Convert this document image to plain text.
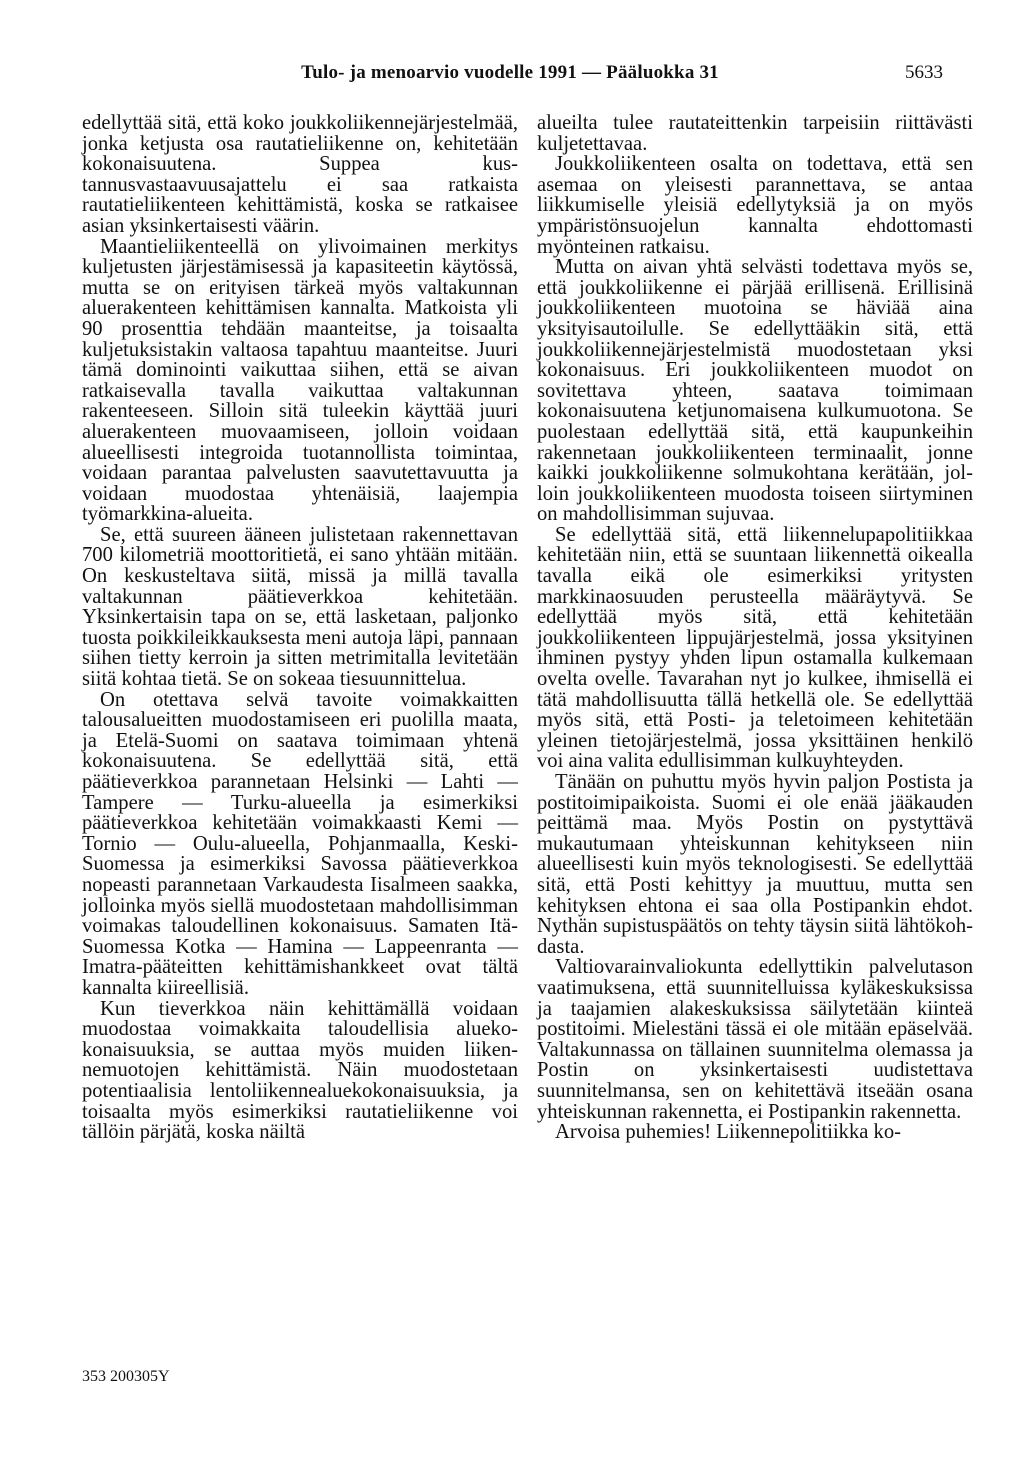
Tulo- ja menoarvio vuodelle 1991 — Pääluokka 31	5633

edellyttää sitä, että koko joukkoliikennejärjestelmää, jonka ketjusta osa rautatieliikenne on, kehitetään kokonaisuutena. Suppea kustannusvastaavuusajattelu ei saa ratkaista rautatieliikenteen kehittämistä, koska se ratkaisee asian yksinkertaisesti väärin.

Maantieliikenteellä on ylivoimainen merkitys kuljetusten järjestämisessä ja kapasiteetin käytössä, mutta se on erityisen tärkeä myös valtakunnan aluerakenteen kehittämisen kannalta. Matkoista yli 90 prosenttia tehdään maanteitse, ja toisaalta kuljetuksistakin valtaosa tapahtuu maanteitse. Juuri tämä dominointi vaikuttaa siihen, että se aivan ratkaisevalla tavalla vaikuttaa valtakunnan rakenteeseen. Silloin sitä tuleekin käyttää juuri aluerakenteen muovaamiseen, jolloin voidaan alueellisesti integroida tuotannollista toimintaa, voidaan parantaa palvelusten saavutettavuutta ja voidaan muodostaa yhtenäisiä, laajempia työmarkkina-alueita.

Se, että suureen ääneen julistetaan rakennettavan 700 kilometriä moottoritietä, ei sano yhtään mitään. On keskusteltava siitä, missä ja millä tavalla valtakunnan päätieverkkoa kehitetään. Yksinkertaisin tapa on se, että lasketaan, paljonko tuosta poikkileikkauksesta meni autoja läpi, pannaan siihen tietty kerroin ja sitten metrimitalla levitetään siitä kohtaa tietä. Se on sokeaa tiesuunnittelua.

On otettava selvä tavoite voimakkaitten talousalueitten muodostamiseen eri puolilla maata, ja Etelä-Suomi on saatava toimimaan yhtenä kokonaisuutena. Se edellyttää sitä, että päätieverkkoa parannetaan Helsinki — Lahti — Tampere — Turku-alueella ja esimerkiksi päätieverkkoa kehitetään voimakkaasti Kemi — Tornio — Oulu-alueella, Pohjanmaalla, Keski-Suomessa ja esimerkiksi Savossa päätieverkkoa nopeasti parannetaan Varkaudesta Iisalmeen saakka, jolloinka myös siellä muodostetaan mahdollisimman voimakas taloudellinen kokonaisuus. Samaten Itä-Suomessa Kotka — Hamina — Lappeenranta — Imatra-pääteitten kehittämishankkeet ovat tältä kannalta kiireellisiä.

Kun tieverkkoa näin kehittämällä voidaan muodostaa voimakkaita taloudellisia aluekokonaisuuksia, se auttaa myös muiden liikennemuotojen kehittämistä. Näin muodostetaan potentiaalisia lentoliikennealuekokonaisuuksia, ja toisaalta myös esimerkiksi rautatieliikenne voi tällöin pärjätä, koska näiltä

alueilta tulee rautateittenkin tarpeisiin riittävästi kuljetettavaa.

Joukkoliikenteen osalta on todettava, että sen asemaa on yleisesti parannettava, se antaa liikkumiselle yleisiä edellytyksiä ja on myös ympäristönsuojelun kannalta ehdottomasti myönteinen ratkaisu.

Mutta on aivan yhtä selvästi todettava myös se, että joukkoliikenne ei pärjää erillisenä. Erillisinä joukkoliikenteen muotoina se häviää aina yksityisautoilulle. Se edellyttääkin sitä, että joukkoliikennejärjestelmistä muodostetaan yksi kokonaisuus. Eri joukkoliikenteen muodot on sovitettava yhteen, saatava toimimaan kokonaisuutena ketjunomaisena kulkumuotona. Se puolestaan edellyttää sitä, että kaupunkeihin rakennetaan joukkoliikenteen terminaalit, jonne kaikki joukkoliikenne solmukohtana kerätään, jolloin joukkoliikenteen muodosta toiseen siirtyminen on mahdollisimman sujuvaa.

Se edellyttää sitä, että liikennelupapolitiikkaa kehitetään niin, että se suuntaan liikennettä oikealla tavalla eikä ole esimerkiksi yritysten markkinaosuuden perusteella määräytyvä. Se edellyttää myös sitä, että kehitetään joukkoliikenteen lippujärjestelmä, jossa yksityinen ihminen pystyy yhden lipun ostamalla kulkemaan ovelta ovelle. Tavarahan nyt jo kulkee, ihmisellä ei tätä mahdollisuutta tällä hetkellä ole. Se edellyttää myös sitä, että Posti- ja teletoimeen kehitetään yleinen tietojärjestelmä, jossa yksittäinen henkilö voi aina valita edullisimman kulkuyhteyden.

Tänään on puhuttu myös hyvin paljon Postista ja postitoimipaikoista. Suomi ei ole enää jääkauden peittämä maa. Myös Postin on pystyttävä mukautumaan yhteiskunnan kehitykseen niin alueellisesti kuin myös teknologisesti. Se edellyttää sitä, että Posti kehittyy ja muuttuu, mutta sen kehityksen ehtona ei saa olla Postipankin ehdot. Nythän supistuspäätös on tehty täysin siitä lähtökohdasta.

Valtiovarainvaliokunta edellyttikin palvelutason vaatimuksena, että suunnitelluissa kyläkeskuksissa ja taajamien alakeskuksissa säilytetään kiinteä postitoimi. Mielestäni tässä ei ole mitään epäselvää. Valtakunnassa on tällainen suunnitelma olemassa ja Postin on yksinkertaisesti uudistettava suunnitelmansa, sen on kehitettävä itseään osana yhteiskunnan rakennetta, ei Postipankin rakennetta.

Arvoisa puhemies! Liikennepolitiikka ko-

353 200305Y
